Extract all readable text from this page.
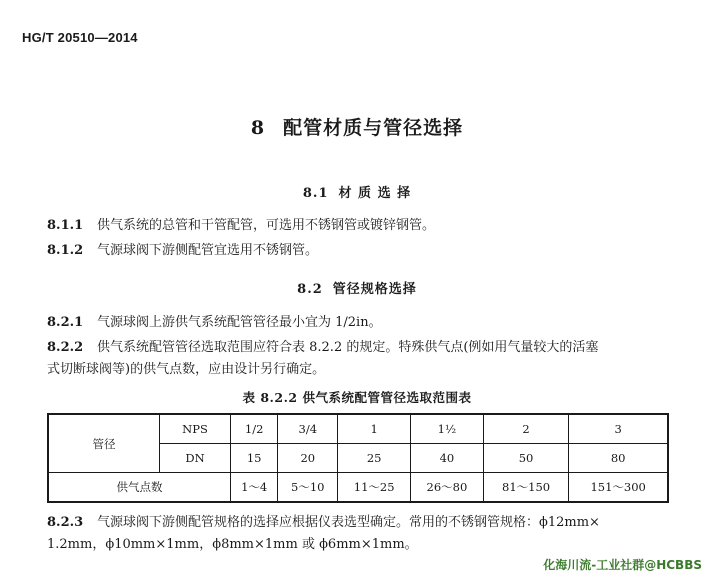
HG/T 20510—2014
8 配管材质与管径选择
8.1 材 质 选 择
8.1.1 供气系统的总管和干管配管，可选用不锈钢管或镀锌钢管。
8.1.2 气源球阀下游侧配管宜选用不锈钢管。
8.2 管径规格选择
8.2.1 气源球阀上游供气系统配管管径最小宜为 1/2in。
8.2.2 供气系统配管管径选取范围应符合表 8.2.2 的规定。特殊供气点(例如用气量较大的活塞
式切断球阀等)的供气点数，应由设计另行确定。
表 8.2.2 供气系统配管管径选取范围表
管径	NPS	1/2	3/4	1	1½	2	3
	DN	15	20	25	40	50	80
供气点数		1～4	5～10	11～25	26～80	81～150	151～300
8.2.3 气源球阀下游侧配管规格的选择应根据仪表选型确定。常用的不锈钢管规格：ϕ12mm×
1.2mm，ϕ10mm×1mm，ϕ8mm×1mm 或 ϕ6mm×1mm。
化海川流-工业社群@HCBBS
